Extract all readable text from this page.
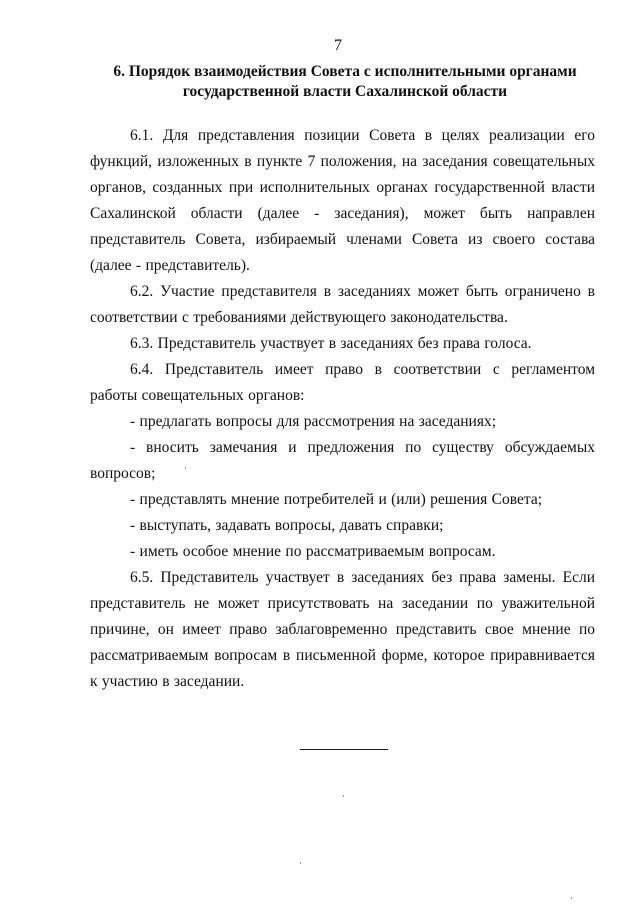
7
6. Порядок взаимодействия Совета с исполнительными органами
государственной власти Сахалинской области

6.1. Для представления позиции Совета в целях реализации его функций, изложенных в пункте 7 положения, на заседания совещательных органов, созданных при исполнительных органах государственной власти Сахалинской области (далее - заседания), может быть направлен представитель Совета, избираемый членами Совета из своего состава (далее - представитель).

6.2. Участие представителя в заседаниях может быть ограничено в соответствии с требованиями действующего законодательства.

6.3. Представитель участвует в заседаниях без права голоса.

6.4. Представитель имеет право в соответствии с регламентом работы совещательных органов:

- предлагать вопросы для рассмотрения на заседаниях;

- вносить замечания и предложения по существу обсуждаемых вопросов;

- представлять мнение потребителей и (или) решения Совета;

- выступать, задавать вопросы, давать справки;

- иметь особое мнение по рассматриваемым вопросам.

6.5. Представитель участвует в заседаниях без права замены. Если представитель не может присутствовать на заседании по уважительной причине, он имеет право заблаговременно представить свое мнение по рассматриваемым вопросам в письменной форме, которое приравнивается к участию в заседании.
